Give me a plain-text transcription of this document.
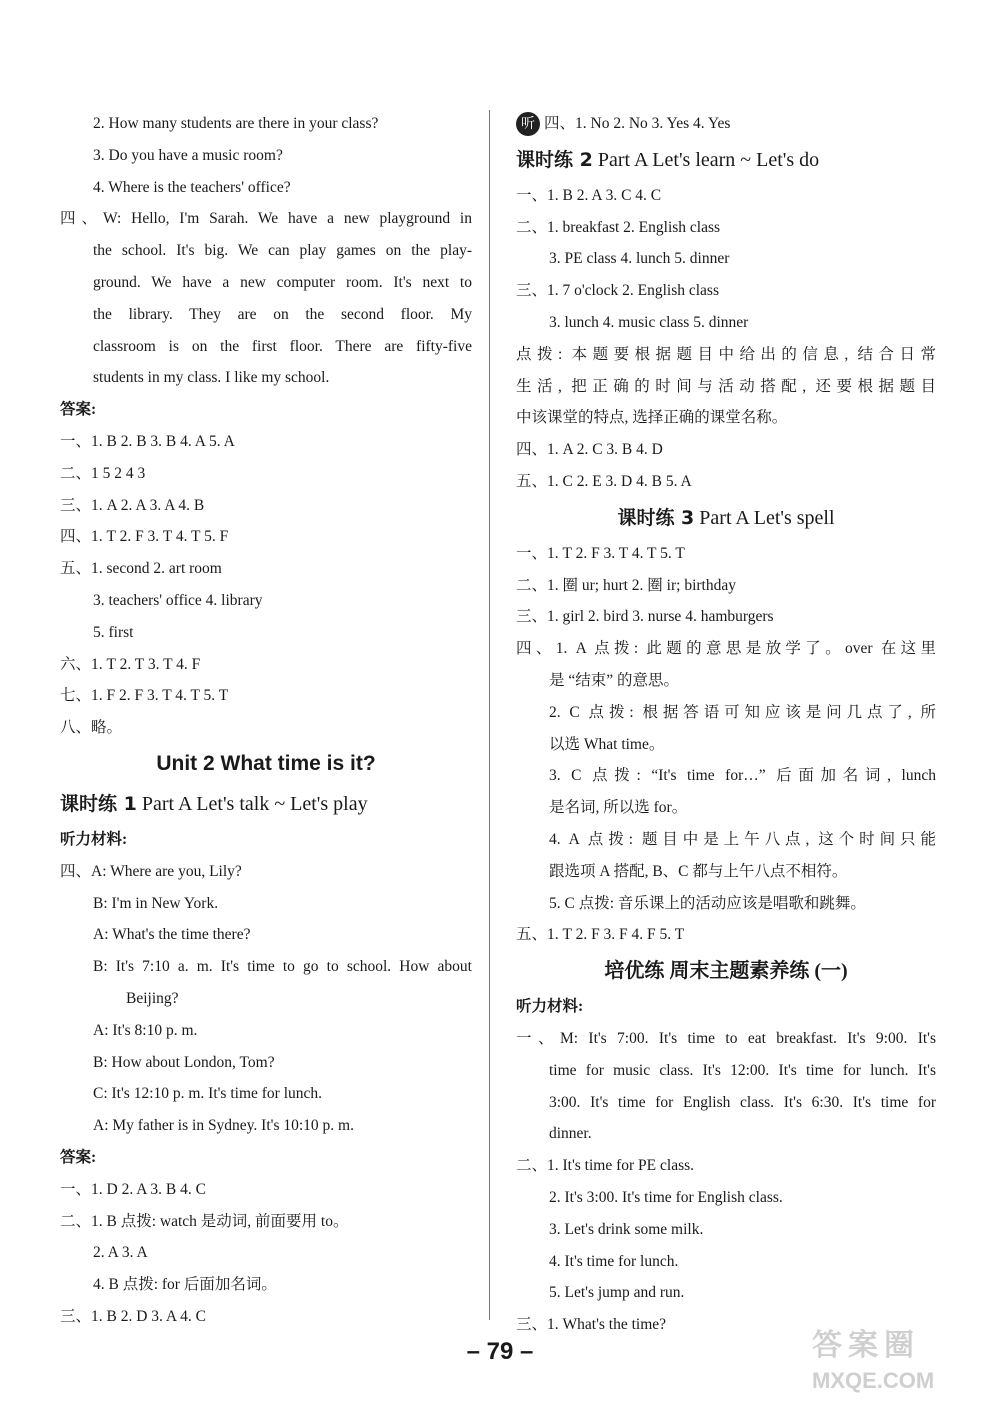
2. How many students are there in your class?
3. Do you have a music room?
4. Where is the teachers' office?
四、W: Hello, I'm Sarah. We have a new playground in
the school. It's big. We can play games on the play-
ground. We have a new computer room. It's next to
the library. They are on the second floor. My
classroom is on the first floor. There are fifty-five
students in my class. I like my school.
答案:
一、1. B 2. B 3. B 4. A 5. A
二、1 5 2 4 3
三、1. A 2. A 3. A 4. B
四、1. T 2. F 3. T 4. T 5. F
五、1. second 2. art room
3. teachers' office 4. library
5. first
六、1. T 2. T 3. T 4. F
七、1. F 2. F 3. T 4. T 5. T
八、略。
Unit 2 What time is it?
课时练 1 Part A Let's talk ~ Let's play
听力材料:
四、A: Where are you, Lily?
B: I'm in New York.
A: What's the time there?
B: It's 7:10 a. m. It's time to go to school. How about
Beijing?
A: It's 8:10 p. m.
B: How about London, Tom?
C: It's 12:10 p. m. It's time for lunch.
A: My father is in Sydney. It's 10:10 p. m.
答案:
一、1. D 2. A 3. B 4. C
二、1. B 点拨: watch 是动词, 前面要用 to。
2. A 3. A
4. B 点拨: for 后面加名词。
三、1. B 2. D 3. A 4. C
听 四、1. No 2. No 3. Yes 4. Yes
课时练 2 Part A Let's learn ~ Let's do
一、1. B 2. A 3. C 4. C
二、1. breakfast 2. English class
3. PE class 4. lunch 5. dinner
三、1. 7 o'clock 2. English class
3. lunch 4. music class 5. dinner
点拨: 本题要根据题目中给出的信息, 结合日常
生活, 把正确的时间与活动搭配, 还要根据题目
中该课堂的特点, 选择正确的课堂名称。
四、1. A 2. C 3. B 4. D
五、1. C 2. E 3. D 4. B 5. A
课时练 3 Part A Let's spell
一、1. T 2. F 3. T 4. T 5. T
二、1. 圈 ur; hurt 2. 圈 ir; birthday
三、1. girl 2. bird 3. nurse 4. hamburgers
四、1. A 点拨: 此题的意思是放学了。over 在这里
是 “结束” 的意思。
2. C 点拨: 根据答语可知应该是问几点了, 所
以选 What time。
3. C 点拨: “It's time for…” 后面加名词, lunch
是名词, 所以选 for。
4. A 点拨: 题目中是上午八点, 这个时间只能
跟选项 A 搭配, B、C 都与上午八点不相符。
5. C 点拨: 音乐课上的活动应该是唱歌和跳舞。
五、1. T 2. F 3. F 4. F 5. T
培优练 周末主题素养练 (一)
听力材料:
一、M: It's 7:00. It's time to eat breakfast. It's 9:00. It's
time for music class. It's 12:00. It's time for lunch. It's
3:00. It's time for English class. It's 6:30. It's time for
dinner.
二、1. It's time for PE class.
2. It's 3:00. It's time for English class.
3. Let's drink some milk.
4. It's time for lunch.
5. Let's jump and run.
三、1. What's the time?
– 79 –	答案圈
MXQE.COM
